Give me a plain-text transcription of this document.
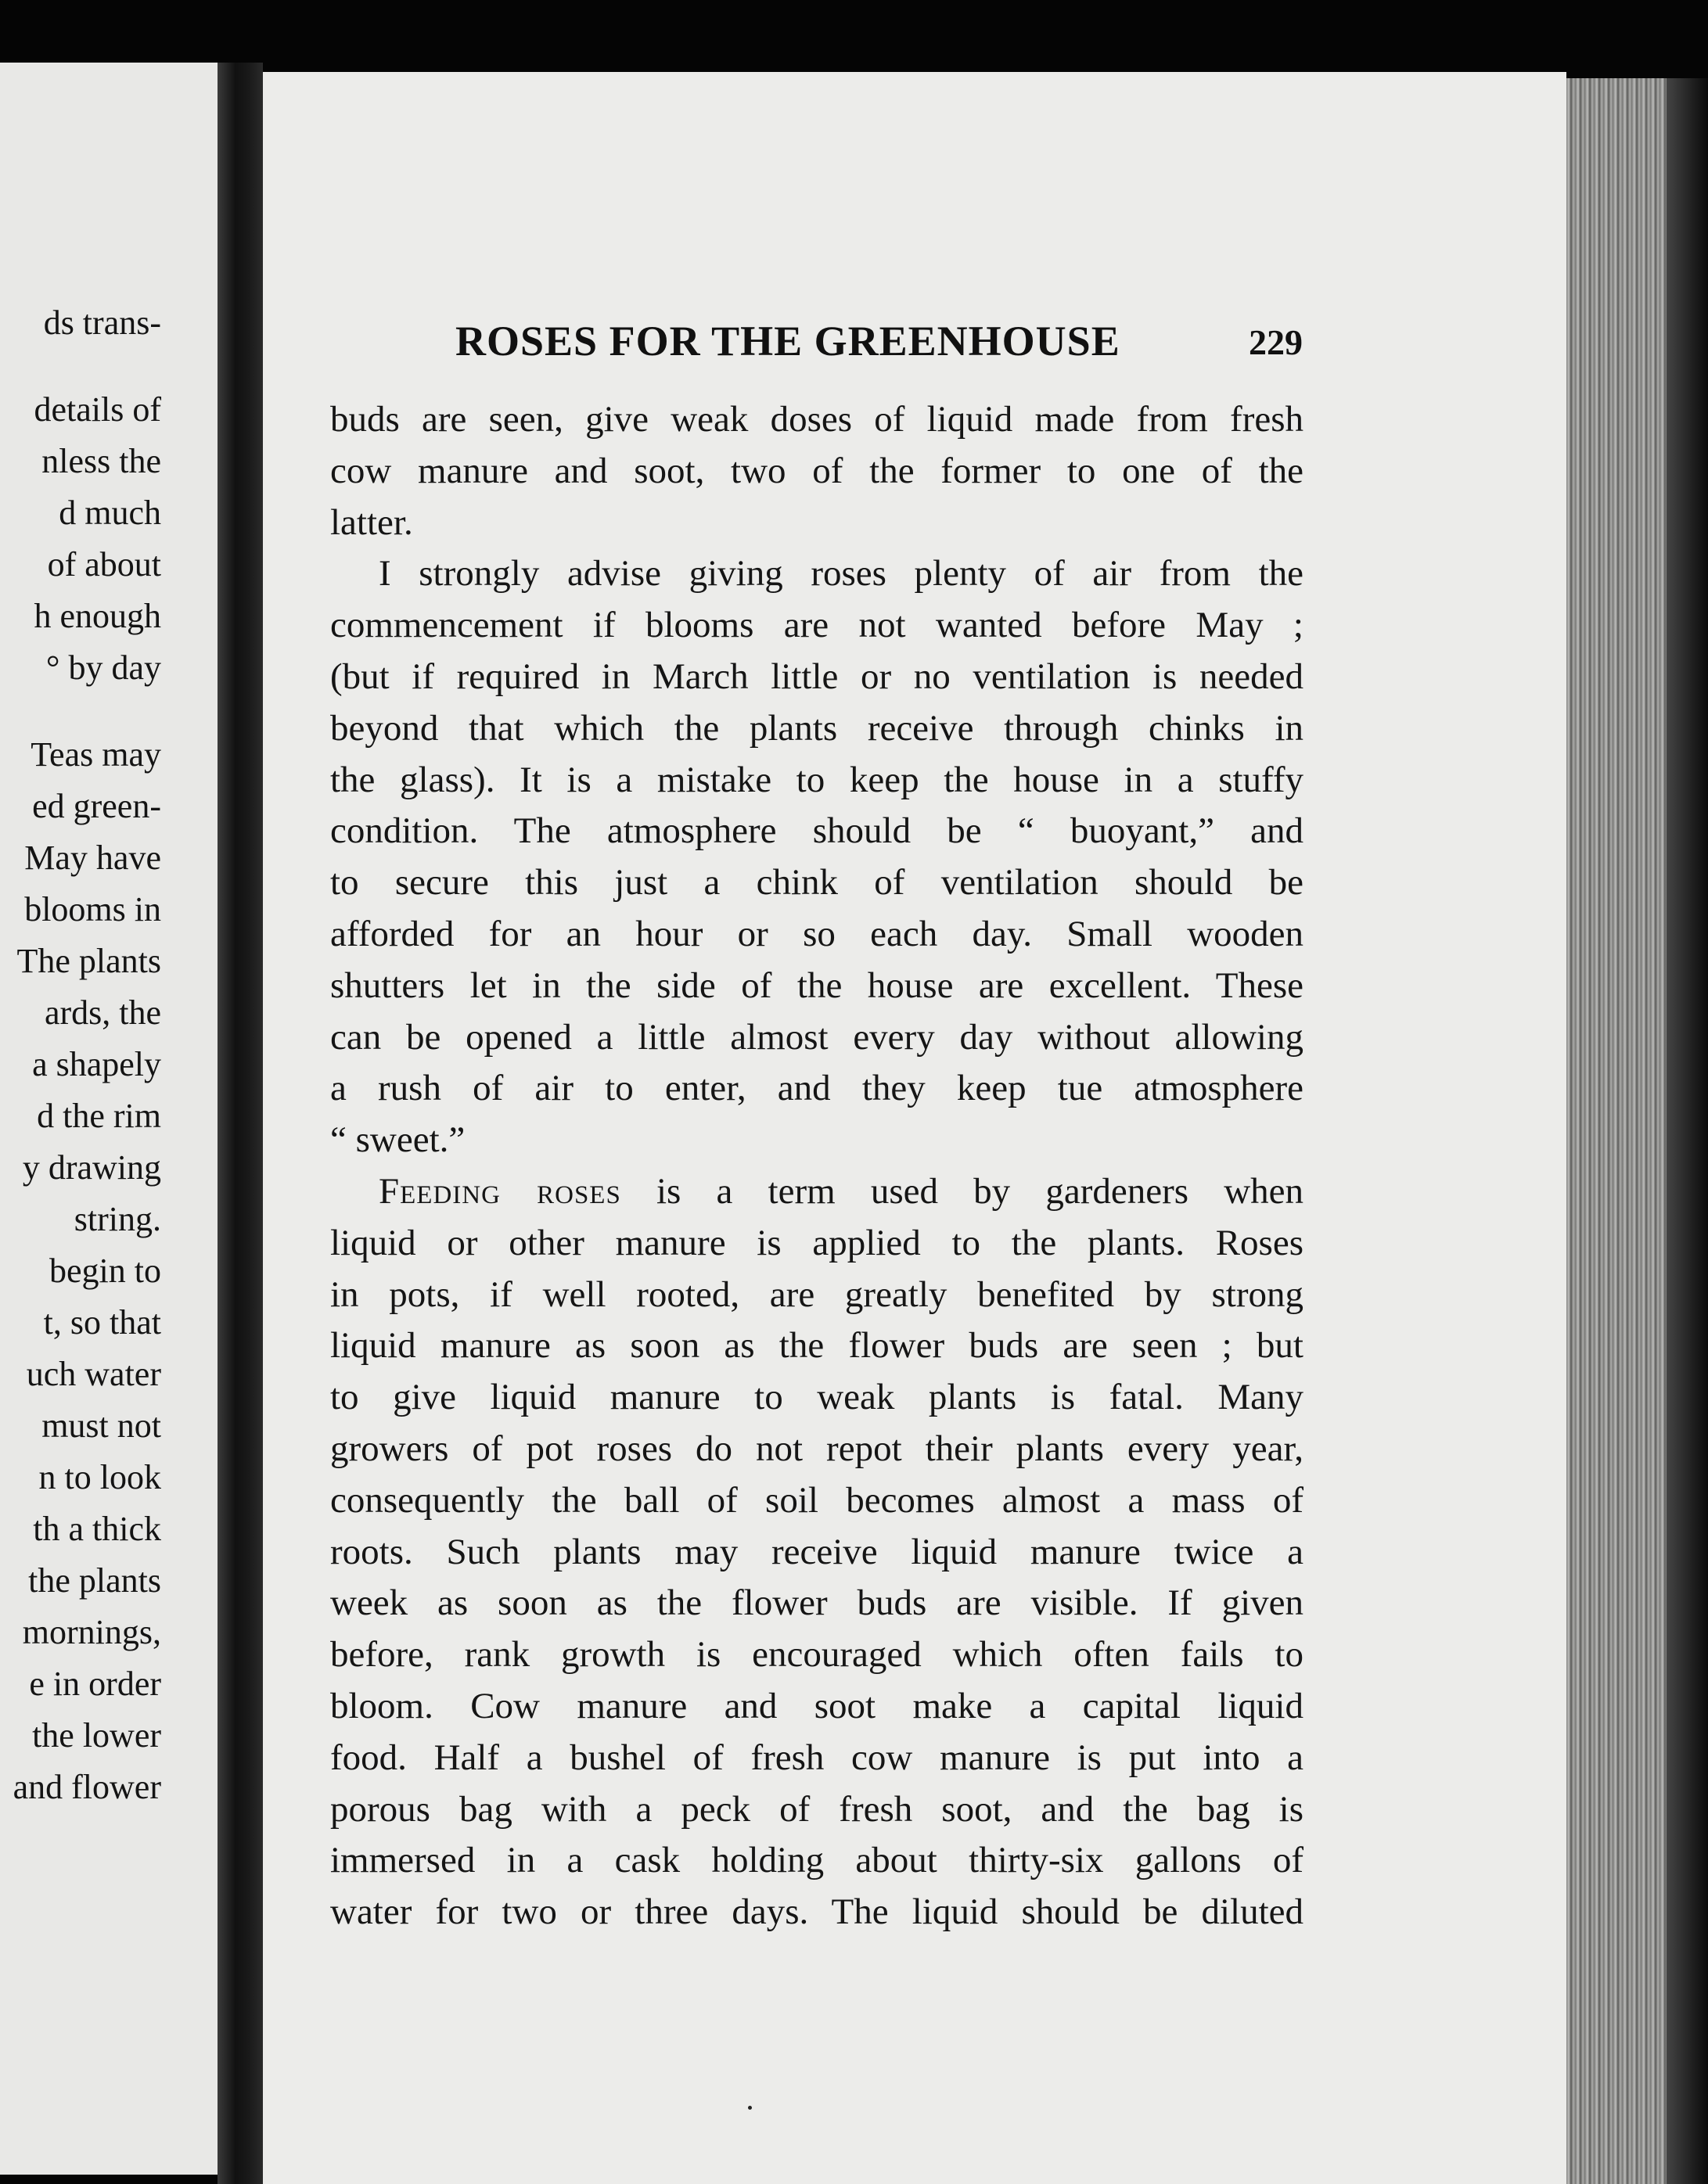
ds trans-
details of
nless the
d much
of about
h enough
° by day
Teas may
ed green-
May have
blooms in
The plants
ards, the
a shapely
d the rim
y drawing
string.
begin to
t, so that
uch water
must not
n to look
th a thick
the plants
mornings,
e in order
the lower
and flower
ROSES FOR THE GREENHOUSE	229
buds are seen, give weak doses of liquid made from fresh
cow manure and soot, two of the former to one of the
latter.
I strongly advise giving roses plenty of air from the
commencement if blooms are not wanted before May ;
(but if required in March little or no ventilation is needed
beyond that which the plants receive through chinks in
the glass). It is a mistake to keep the house in a stuffy
condition. The atmosphere should be “ buoyant,” and
to secure this just a chink of ventilation should be
afforded for an hour or so each day. Small wooden
shutters let in the side of the house are excellent. These
can be opened a little almost every day without allowing
a rush of air to enter, and they keep tue atmosphere
“ sweet.”
Feeding roses is a term used by gardeners when
liquid or other manure is applied to the plants. Roses
in pots, if well rooted, are greatly benefited by strong
liquid manure as soon as the flower buds are seen ; but
to give liquid manure to weak plants is fatal. Many
growers of pot roses do not repot their plants every year,
consequently the ball of soil becomes almost a mass of
roots. Such plants may receive liquid manure twice a
week as soon as the flower buds are visible. If given
before, rank growth is encouraged which often fails to
bloom. Cow manure and soot make a capital liquid
food. Half a bushel of fresh cow manure is put into a
porous bag with a peck of fresh soot, and the bag is
immersed in a cask holding about thirty-six gallons of
water for two or three days. The liquid should be diluted
